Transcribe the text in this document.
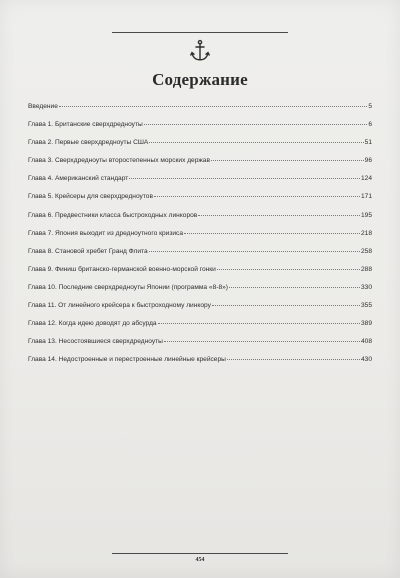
Содержание
Введение	5
Глава 1. Британские сверхдредноуты	6
Глава 2. Первые сверхдредноуты США	51
Глава 3. Сверхдредноуты второстепенных морских держав	96
Глава 4. Американский стандарт	124
Глава 5. Крейсеры для сверхдредноутов	171
Глава 6. Предвестники класса быстроходных линкоров	195
Глава 7. Япония выходит из дредноутного кризиса	218
Глава 8. Становой хребет Гранд Флита	258
Глава 9. Финиш британско-германской военно-морской гонки	288
Глава 10. Последние сверхдредноуты Японии (программа «8-8»)	330
Глава 11. От линейного крейсера к быстроходному линкору	355
Глава 12. Когда идею доводят до абсурда	389
Глава 13. Несостоявшиеся сверхдредноуты	408
Глава 14. Недостроенные и перестроенные линейные крейсеры	430
454
